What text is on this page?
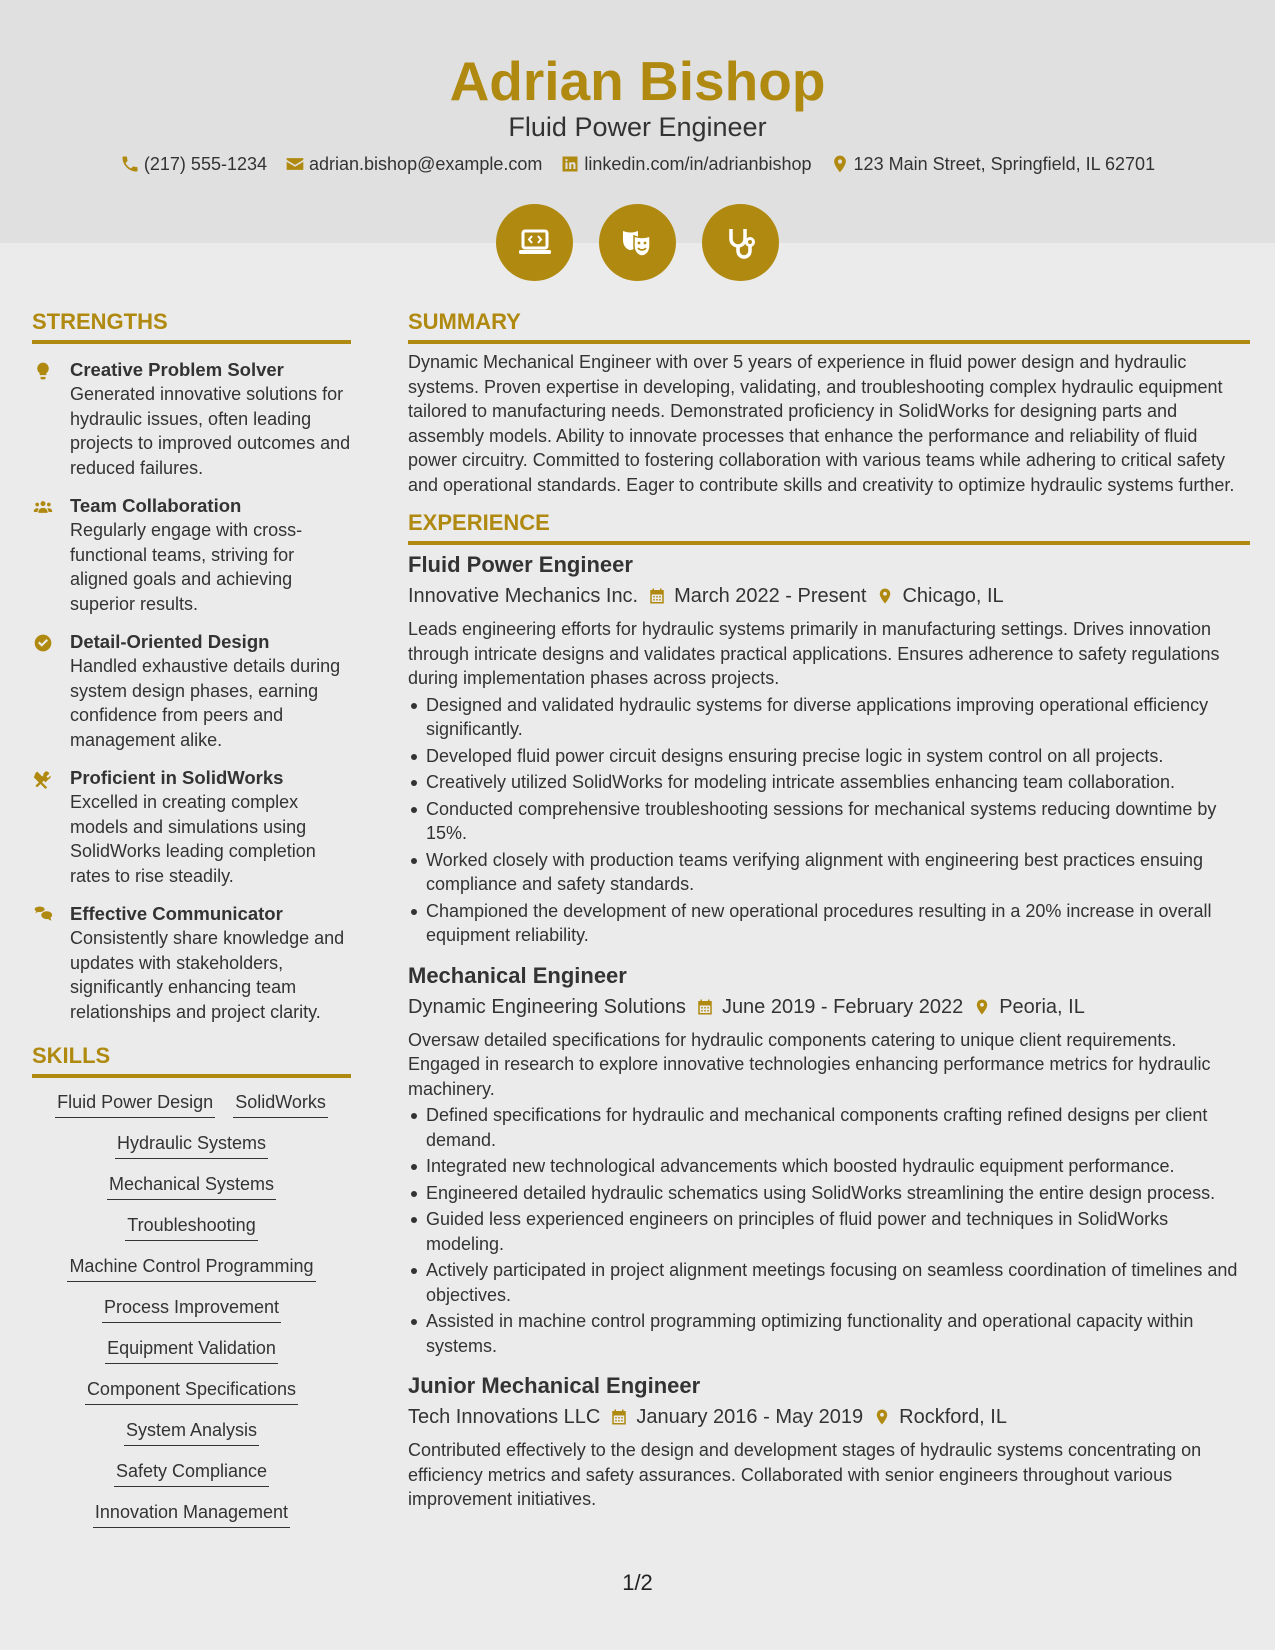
Adrian Bishop
Fluid Power Engineer
(217) 555-1234 adrian.bishop@example.com linkedin.com/in/adrianbishop 123 Main Street, Springfield, IL 62701
STRENGTHS
Creative Problem Solver
Generated innovative solutions for hydraulic issues, often leading projects to improved outcomes and reduced failures.
Team Collaboration
Regularly engage with cross-functional teams, striving for aligned goals and achieving superior results.
Detail-Oriented Design
Handled exhaustive details during system design phases, earning confidence from peers and management alike.
Proficient in SolidWorks
Excelled in creating complex models and simulations using SolidWorks leading completion rates to rise steadily.
Effective Communicator
Consistently share knowledge and updates with stakeholders, significantly enhancing team relationships and project clarity.
SKILLS
Fluid Power Design SolidWorks
Hydraulic Systems
Mechanical Systems
Troubleshooting
Machine Control Programming
Process Improvement
Equipment Validation
Component Specifications
System Analysis
Safety Compliance
Innovation Management
SUMMARY
Dynamic Mechanical Engineer with over 5 years of experience in fluid power design and hydraulic systems. Proven expertise in developing, validating, and troubleshooting complex hydraulic equipment tailored to manufacturing needs. Demonstrated proficiency in SolidWorks for designing parts and assembly models. Ability to innovate processes that enhance the performance and reliability of fluid power circuitry. Committed to fostering collaboration with various teams while adhering to critical safety and operational standards. Eager to contribute skills and creativity to optimize hydraulic systems further.
EXPERIENCE
Fluid Power Engineer
Innovative Mechanics Inc. March 2022 - Present Chicago, IL
Leads engineering efforts for hydraulic systems primarily in manufacturing settings. Drives innovation through intricate designs and validates practical applications. Ensures adherence to safety regulations during implementation phases across projects.
Designed and validated hydraulic systems for diverse applications improving operational efficiency significantly.
Developed fluid power circuit designs ensuring precise logic in system control on all projects.
Creatively utilized SolidWorks for modeling intricate assemblies enhancing team collaboration.
Conducted comprehensive troubleshooting sessions for mechanical systems reducing downtime by 15%.
Worked closely with production teams verifying alignment with engineering best practices ensuing compliance and safety standards.
Championed the development of new operational procedures resulting in a 20% increase in overall equipment reliability.
Mechanical Engineer
Dynamic Engineering Solutions June 2019 - February 2022 Peoria, IL
Oversaw detailed specifications for hydraulic components catering to unique client requirements. Engaged in research to explore innovative technologies enhancing performance metrics for hydraulic machinery.
Defined specifications for hydraulic and mechanical components crafting refined designs per client demand.
Integrated new technological advancements which boosted hydraulic equipment performance.
Engineered detailed hydraulic schematics using SolidWorks streamlining the entire design process.
Guided less experienced engineers on principles of fluid power and techniques in SolidWorks modeling.
Actively participated in project alignment meetings focusing on seamless coordination of timelines and objectives.
Assisted in machine control programming optimizing functionality and operational capacity within systems.
Junior Mechanical Engineer
Tech Innovations LLC January 2016 - May 2019 Rockford, IL
Contributed effectively to the design and development stages of hydraulic systems concentrating on efficiency metrics and safety assurances. Collaborated with senior engineers throughout various improvement initiatives.
1/2
